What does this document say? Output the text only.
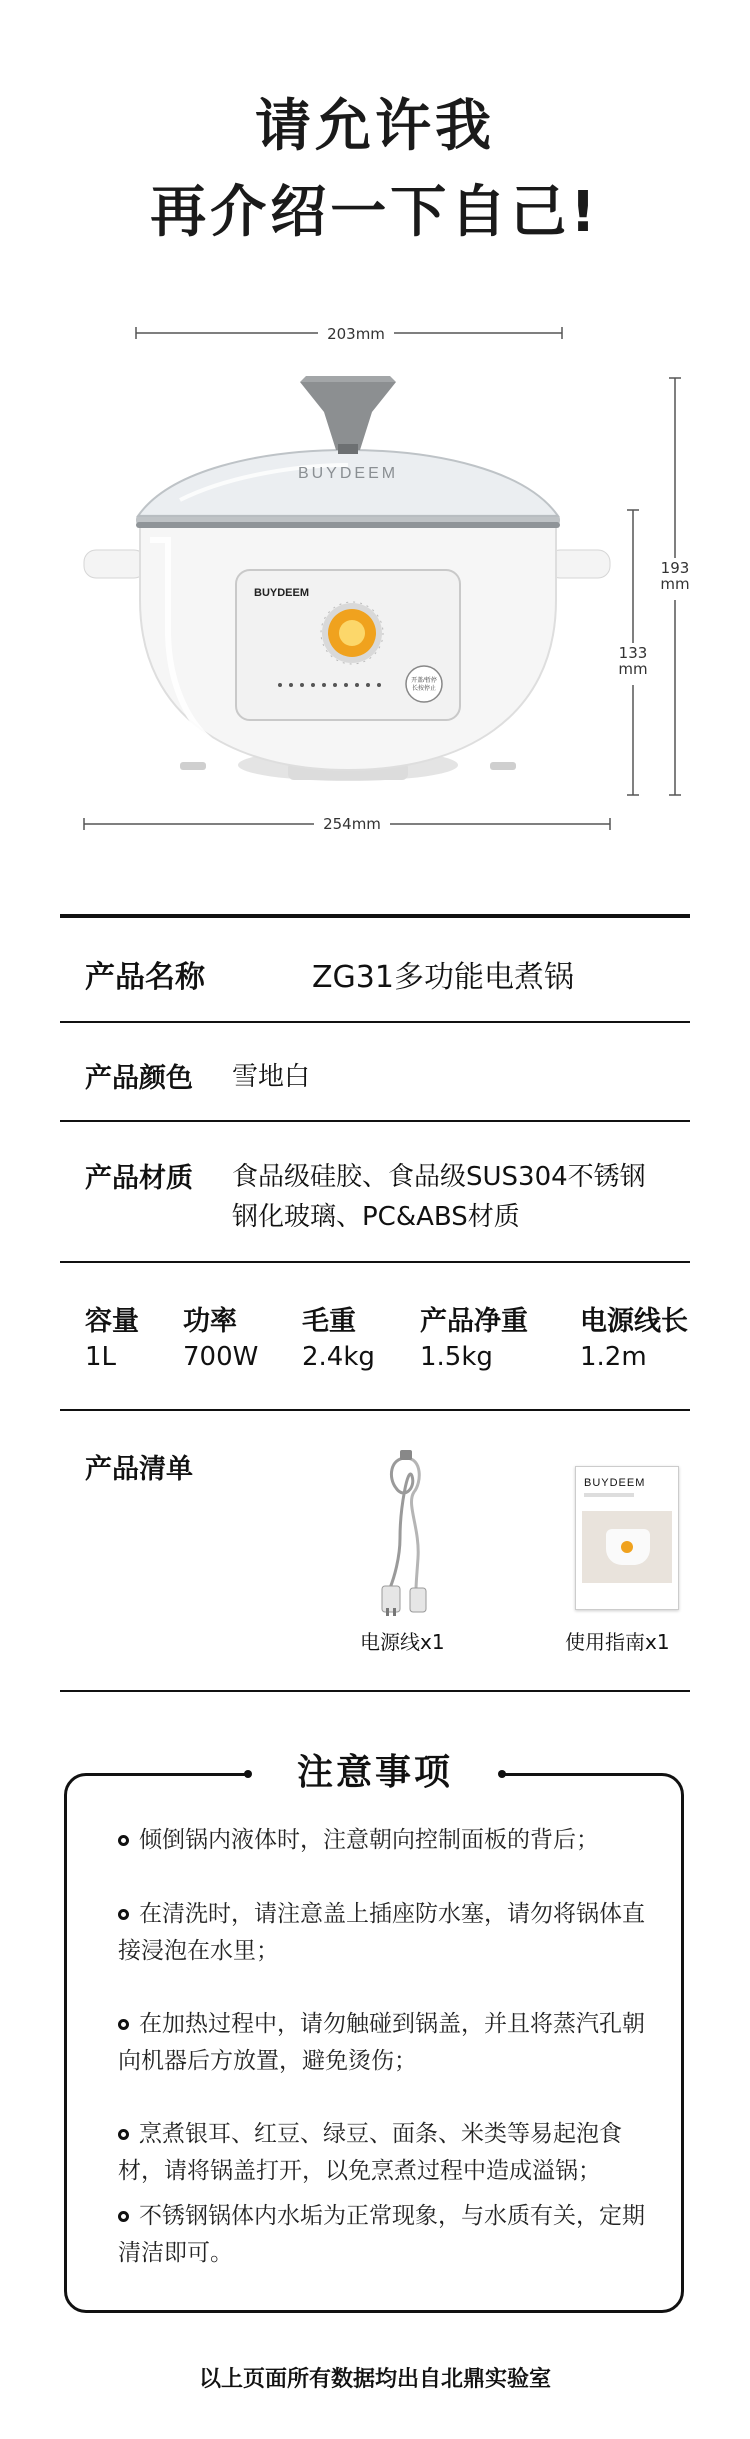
请允许我
再介绍一下自己!
BUYDEEM
BUYDEEM
开盖/暂停长按停止
203mm
254mm
193
mm
133
mm
产品名称	ZG31多功能电煮锅
产品颜色 雪地白
产品材质 食品级硅胶、食品级SUS304不锈钢
钢化玻璃、PC&ABS材质
容量 功率 毛重 产品净重 电源线长
1L	700W 2.4kg 1.5kg	1.2m
产品清单	BUYDEEM
电源线x1	使用指南x1
注意事项
倾倒锅内液体时，注意朝向控制面板的背后；
在清洗时，请注意盖上插座防水塞，请勿将锅体直接浸泡在水里；
在加热过程中，请勿触碰到锅盖，并且将蒸汽孔朝向机器后方放置，避免烫伤；
烹煮银耳、红豆、绿豆、面条、米类等易起泡食材，请将锅盖打开，以免烹煮过程中造成溢锅；
不锈钢锅体内水垢为正常现象，与水质有关，定期清洁即可。
以上页面所有数据均出自北鼎实验室
